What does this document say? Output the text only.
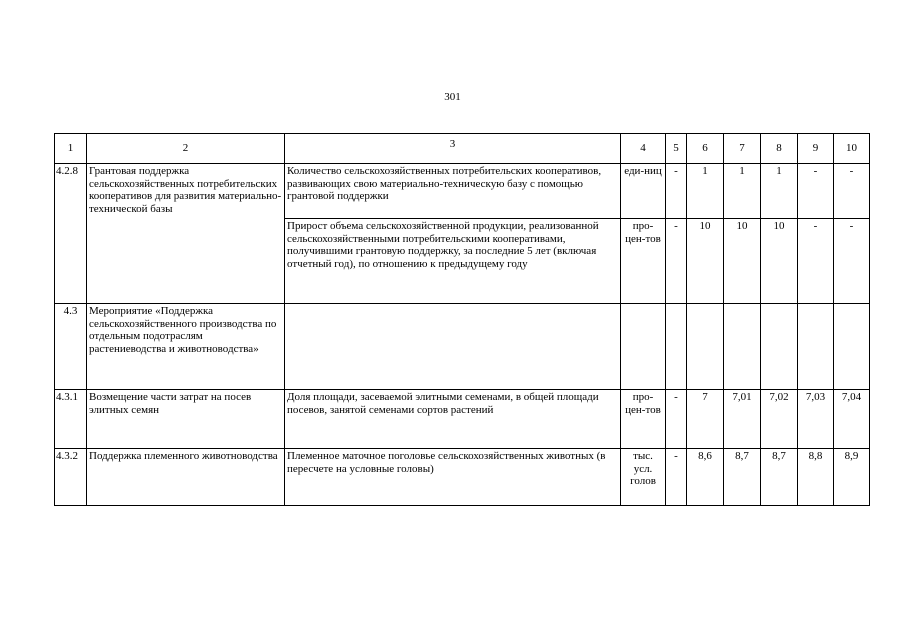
301
1	2	3	4	5	6	7	8	9	10
4.2.8	Грантовая поддержка сельскохозяйственных потребительских кооперативов для развития материально-технической базы	Количество сельскохозяйственных потребительских кооперативов, развивающих свою материально-техническую базу с помощью грантовой поддержки	еди-ниц	-	1	1	1	-	-
		Прирост объема сельскохозяйственной продукции, реализованной сельскохозяйственными потребительскими кооперативами, получившими грантовую поддержку, за последние 5 лет (включая отчетный год), по отношению к предыдущему году	про-цен-тов	-	10	10	10	-	-
4.3	Мероприятие «Поддержка сельскохозяйственного производства по отдельным подотраслям растениеводства и животноводства»								
4.3.1	Возмещение части затрат на посев элитных семян	Доля площади, засеваемой элитными семенами, в общей площади посевов, занятой семенами сортов растений	про-цен-тов	-	7	7,01	7,02	7,03	7,04
4.3.2	Поддержка племенного животноводства	Племенное маточное поголовье сельскохозяйственных животных (в пересчете на условные головы)	тыс. усл. голов	-	8,6	8,7	8,7	8,8	8,9
